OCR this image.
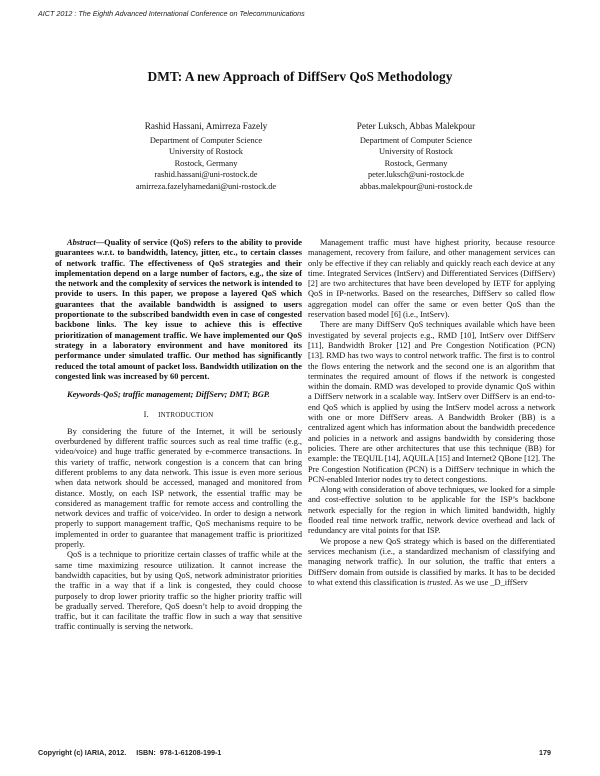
AICT 2012 : The Eighth Advanced International Conference on Telecommunications
DMT: A new Approach of DiffServ QoS Methodology
Rashid Hassani, Amirreza Fazely
Department of Computer Science
University of Rostock
Rostock, Germany
rashid.hassani@uni-rostock.de
amirreza.fazelyhamedani@uni-rostock.de
Peter Luksch, Abbas Malekpour
Department of Computer Science
University of Rostock
Rostock, Germany
peter.luksch@uni-rostock.de
abbas.malekpour@uni-rostock.de

Abstract—Quality of service (QoS) refers to the ability to provide guarantees w.r.t. to bandwidth, latency, jitter, etc., to certain classes of network traffic. The effectiveness of QoS strategies and their implementation depend on a large number of factors, e.g., the size of the network and the complexity of services the network is intended to provide to users. In this paper, we propose a layered QoS which guarantees that the available bandwidth is assigned to users proportionate to the subscribed bandwidth even in case of congested backbone links. The key issue to achieve this is effective prioritization of management traffic. We have implemented our QoS strategy in a laboratory environment and have monitored its performance under simulated traffic. Our method has significantly reduced the total amount of packet loss. Bandwidth utilization on the congested link was increased by 60 percent.

Keywords-QoS; traffic management; DiffServ; DMT; BGP.

I. INTRODUCTION

By considering the future of the Internet, it will be seriously overburdened by different traffic sources such as real time traffic (e.g., video/voice) and huge traffic generated by e-commerce transactions. In this variety of traffic, network congestion is a concern that can bring different problems to any data network. This issue is even more serious when data network should be accessed, managed and monitored from distance. Mostly, on each ISP network, the essential traffic may be considered as management traffic for remote access and controlling the network devices and traffic of voice/video. In order to design a network properly to support management traffic, QoS mechanisms require to be implemented in order to guarantee that management traffic is prioritized properly.

QoS is a technique to prioritize certain classes of traffic while at the same time maximizing resource utilization. It cannot increase the bandwidth capacities, but by using QoS, network administrator priorities the traffic in a way that if a link is congested, they could choose purposely to drop lower priority traffic so the higher priority traffic will be gradually served. Therefore, QoS doesn’t help to avoid dropping the traffic, but it can facilitate the traffic flow in such a way that sensitive traffic continually is serving the network.

Management traffic must have highest priority, because resource management, recovery from failure, and other management services can only be effective if they can reliably and quickly reach each device at any time. Integrated Services (IntServ) and Differentiated Services (DiffServ) [2] are two architectures that have been developed by IETF for applying QoS in IP-networks. Based on the researches, DiffServ so called flow aggregation model can offer the same or even better QoS than the reservation based model [6] (i.e., IntServ).

There are many DiffServ QoS techniques available which have been investigated by several projects e.g., RMD [10], IntServ over DiffServ [11], Bandwidth Broker [12] and Pre Congestion Notification (PCN) [13]. RMD has two ways to control network traffic. The first is to control the flows entering the network and the second one is an algorithm that terminates the required amount of flows if the network is congested within the domain. RMD was developed to provide dynamic QoS within a DiffServ network in a scalable way. IntServ over DiffServ is an end-to-end QoS which is applied by using the IntServ model across a network with one or more DiffServ areas. A Bandwidth Broker (BB) is a centralized agent which has information about the bandwidth precedence and policies in a network and assigns bandwidth by considering those policies. There are other architectures that use this technique (BB) for example: the TEQUIL [14], AQUILA [15] and Internet2 QBone [12]. The Pre Congestion Notification (PCN) is a DiffServ technique in which the PCN-enabled Interior nodes try to detect congestions.

Along with consideration of above techniques, we looked for a simple and cost-effective solution to be applicable for the ISP’s backbone network especially for the region in which limited bandwidth, highly flooded real time network traffic, network device overhead and lack of redundancy are vital points for that ISP.

We propose a new QoS strategy which is based on the differentiated services mechanism (i.e., a standardized mechanism of classifying and managing network traffic). In our solution, the traffic that enters a DiffServ domain from outside is classified by marks. It has to be decided to what extend this classification is trusted. As we use _D_iffServ

Copyright (c) IARIA, 2012.     ISBN:  978-1-61208-199-1	179
